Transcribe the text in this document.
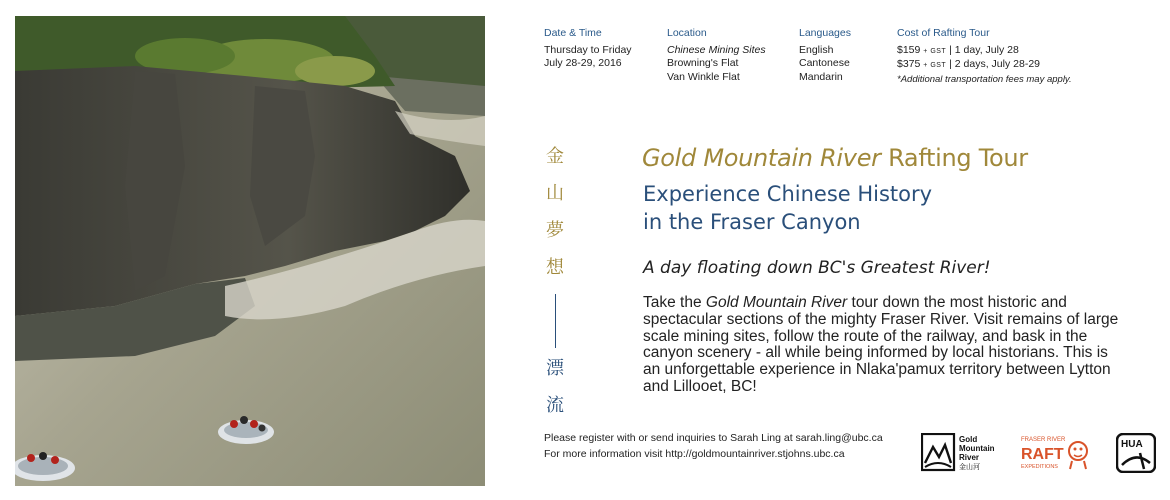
Date & Time
Thursday to Friday
July 28-29, 2016
Location
Chinese Mining Sites
Browning's Flat
Van Winkle Flat
Languages
English
Cantonese
Mandarin
Cost of Rafting Tour
$159 + GST | 1 day, July 28
$375 + GST | 2 days, July 28-29
*Additional transportation fees may apply.
金
山
夢
想
漂
流
Gold Mountain River Rafting Tour
Experience Chinese History
in the Fraser Canyon
A day floating down BC's Greatest River!
Take the Gold Mountain River tour down the most historic and spectacular sections of the mighty Fraser River. Visit remains of large scale mining sites, follow the route of the railway, and bask in the canyon scenery - all while being informed by local historians. This is an unforgettable experience in Nlaka'pamux territory between Lytton and Lillooet, BC!
Please register with or send inquiries to Sarah Ling at sarah.ling@ubc.ca
For more information visit http://goldmountainriver.stjohns.ubc.ca
Gold
Mountain
River
金山河
FRASER RIVER
RAFT
EXPEDITIONS
HUA
